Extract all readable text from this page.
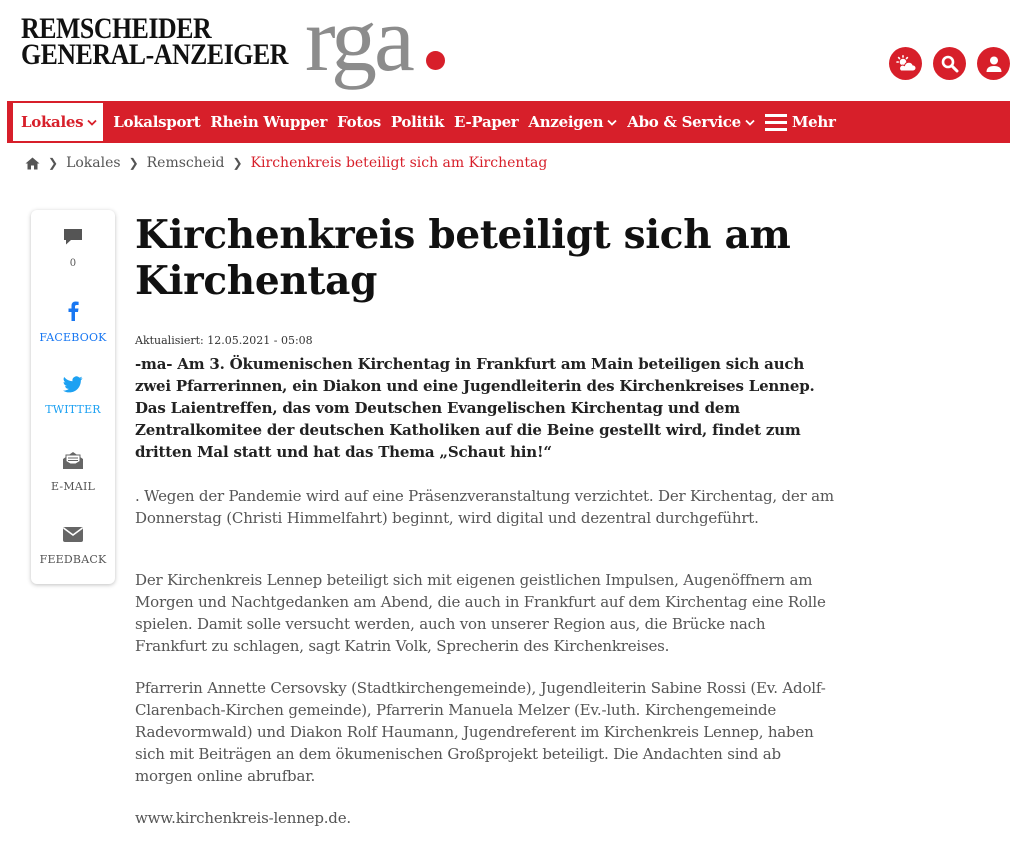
REMSCHEIDER
GENERAL-ANZEIGER rga
Lokales Lokalsport Rhein Wupper Fotos Politik E-Paper Anzeigen Abo & Service	Mehr
❯ Lokales ❯ Remscheid ❯ Kirchenkreis beteiligt sich am Kirchentag
0
FACEBOOK
TWITTER
E-MAIL
FEEDBACK
Kirchenkreis beteiligt sich am Kirchentag
Aktualisiert: 12.05.2021 - 05:08

-ma- Am 3. Ökumenischen Kirchentag in Frankfurt am Main beteiligen sich auch zwei Pfarrerinnen, ein Diakon und eine Jugendleiterin des Kirchenkreises Lennep. Das Laientreffen, das vom Deutschen Evangelischen Kirchentag und dem Zentralkomitee der deutschen Katholiken auf die Beine gestellt wird, findet zum dritten Mal statt und hat das Thema „Schaut hin!“

. Wegen der Pandemie wird auf eine Präsenzveranstaltung verzichtet. Der Kirchentag, der am Donnerstag (Christi Himmelfahrt) beginnt, wird digital und dezentral durchgeführt.

Der Kirchenkreis Lennep beteiligt sich mit eigenen geistlichen Impulsen, Augenöffnern am Morgen und Nachtgedanken am Abend, die auch in Frankfurt auf dem Kirchentag eine Rolle spielen. Damit solle versucht werden, auch von unserer Region aus, die Brücke nach Frankfurt zu schlagen, sagt Katrin Volk, Sprecherin des Kirchenkreises.

Pfarrerin Annette Cersovsky (Stadtkirchengemeinde), Jugendleiterin Sabine Rossi (Ev. Adolf-Clarenbach-Kirchen gemeinde), Pfarrerin Manuela Melzer (Ev.-luth. Kirchengemeinde Radevormwald) und Diakon Rolf Haumann, Jugendreferent im Kirchenkreis Lennep, haben sich mit Beiträgen an dem ökumenischen Großprojekt beteiligt. Die Andachten sind ab morgen online abrufbar.

www.kirchenkreis-lennep.de.
